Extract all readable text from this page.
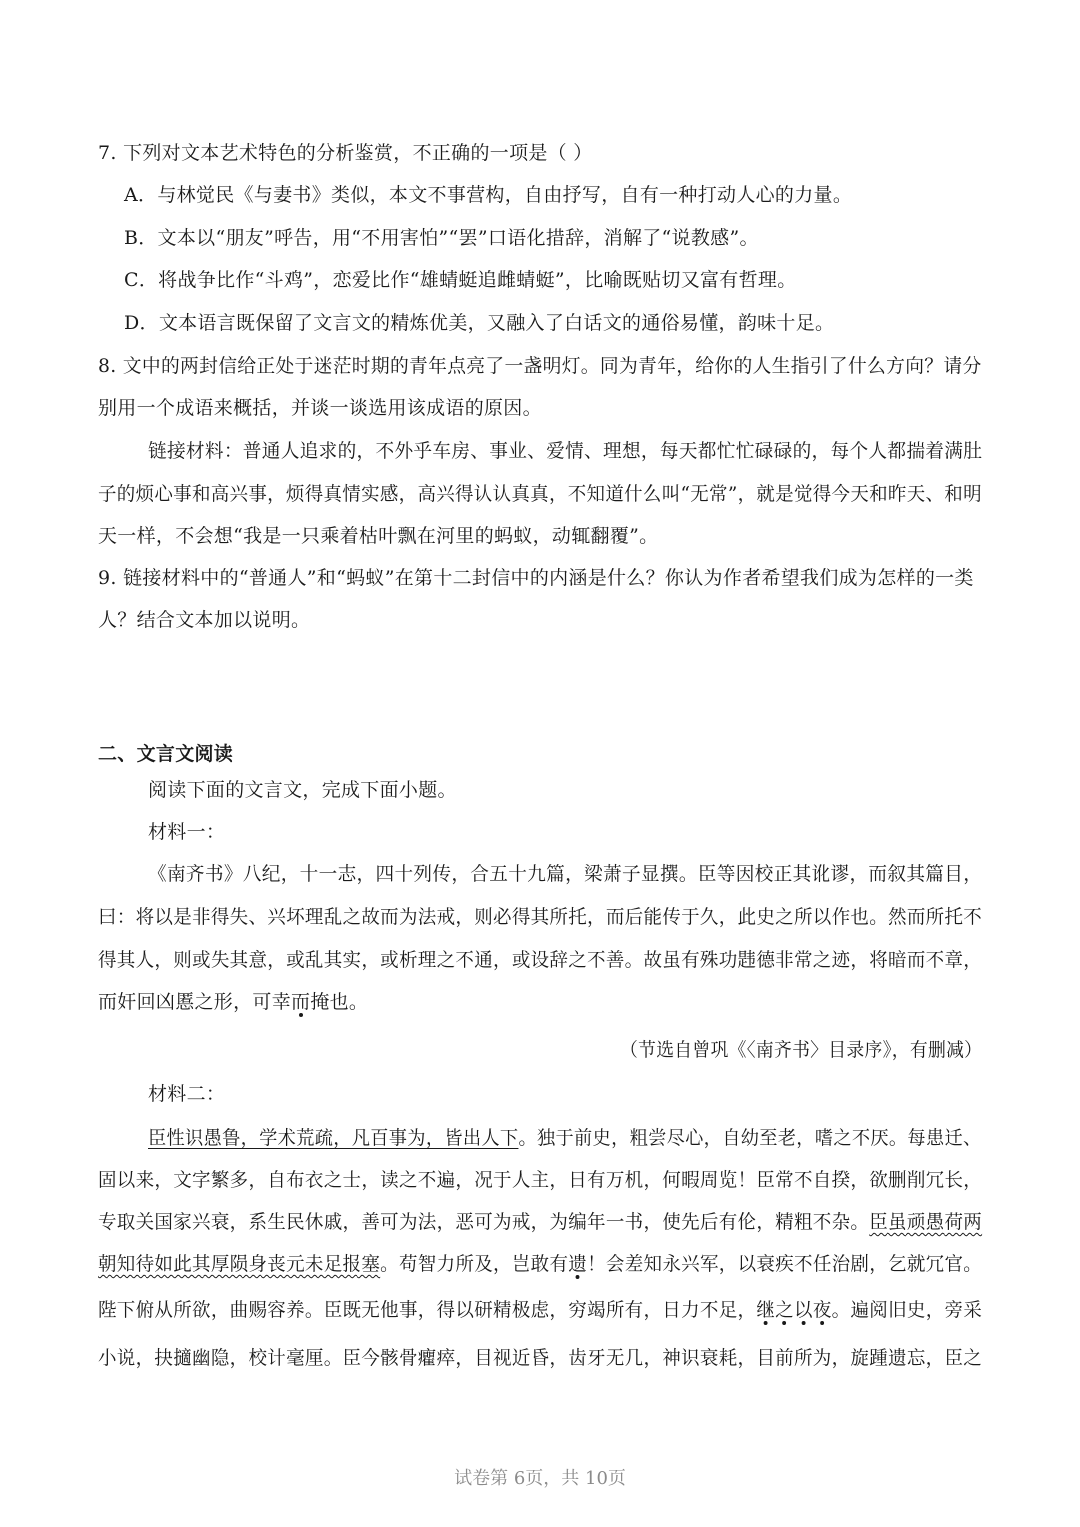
7. 下列对文本艺术特色的分析鉴赏，不正确的一项是（ ）
A．与林觉民《与妻书》类似，本文不事营构，自由抒写，自有一种打动人心的力量。
B．文本以“朋友”呼告，用“不用害怕”“罢”口语化措辞，消解了“说教感”。
C．将战争比作“斗鸡”，恋爱比作“雄蜻蜓追雌蜻蜓”，比喻既贴切又富有哲理。
D．文本语言既保留了文言文的精炼优美，又融入了白话文的通俗易懂，韵味十足。
8. 文中的两封信给正处于迷茫时期的青年点亮了一盏明灯。同为青年，给你的人生指引了什么方向？请分
别用一个成语来概括，并谈一谈选用该成语的原因。
链接材料：普通人追求的，不外乎车房、事业、爱情、理想，每天都忙忙碌碌的，每个人都揣着满肚
子的烦心事和高兴事，烦得真情实感，高兴得认认真真，不知道什么叫“无常”，就是觉得今天和昨天、和明
天一样，不会想“我是一只乘着枯叶飘在河里的蚂蚁，动辄翻覆”。
9. 链接材料中的“普通人”和“蚂蚁”在第十二封信中的内涵是什么？你认为作者希望我们成为怎样的一类
人？结合文本加以说明。
二、文言文阅读
阅读下面的文言文，完成下面小题。
材料一：
《南齐书》八纪，十一志，四十列传，合五十九篇，梁萧子显撰。臣等因校正其讹谬，而叙其篇目，
曰：将以是非得失、兴坏理乱之故而为法戒，则必得其所托，而后能传于久，此史之所以作也。然而所托不
得其人，则或失其意，或乱其实，或析理之不通，或设辞之不善。故虽有殊功韪德非常之迹，将暗而不章，
而奸回凶慝之形，可幸而掩也。
（节选自曾巩《〈南齐书〉目录序》，有删减）
材料二：
臣性识愚鲁，学术荒疏，凡百事为，皆出人下。独于前史，粗尝尽心，自幼至老，嗜之不厌。每患迁、
固以来，文字繁多，自布衣之士，读之不遍，况于人主，日有万机，何暇周览！臣常不自揆，欲删削冗长，
专取关国家兴衰，系生民休戚，善可为法，恶可为戒，为编年一书，使先后有伦，精粗不杂。臣虽顽愚荷两
朝知待如此其厚陨身丧元未足报塞。苟智力所及，岂敢有遗！会差知永兴军，以衰疾不任治剧，乞就冗官。
陛下俯从所欲，曲赐容养。臣既无他事，得以研精极虑，穷竭所有，日力不足，继之以夜。遍阅旧史，旁采
小说，抉擿幽隐，校计毫厘。臣今骸骨癯瘁，目视近昏，齿牙无几，神识衰耗，目前所为，旋踵遗忘，臣之
试卷第 6页，共 10页
